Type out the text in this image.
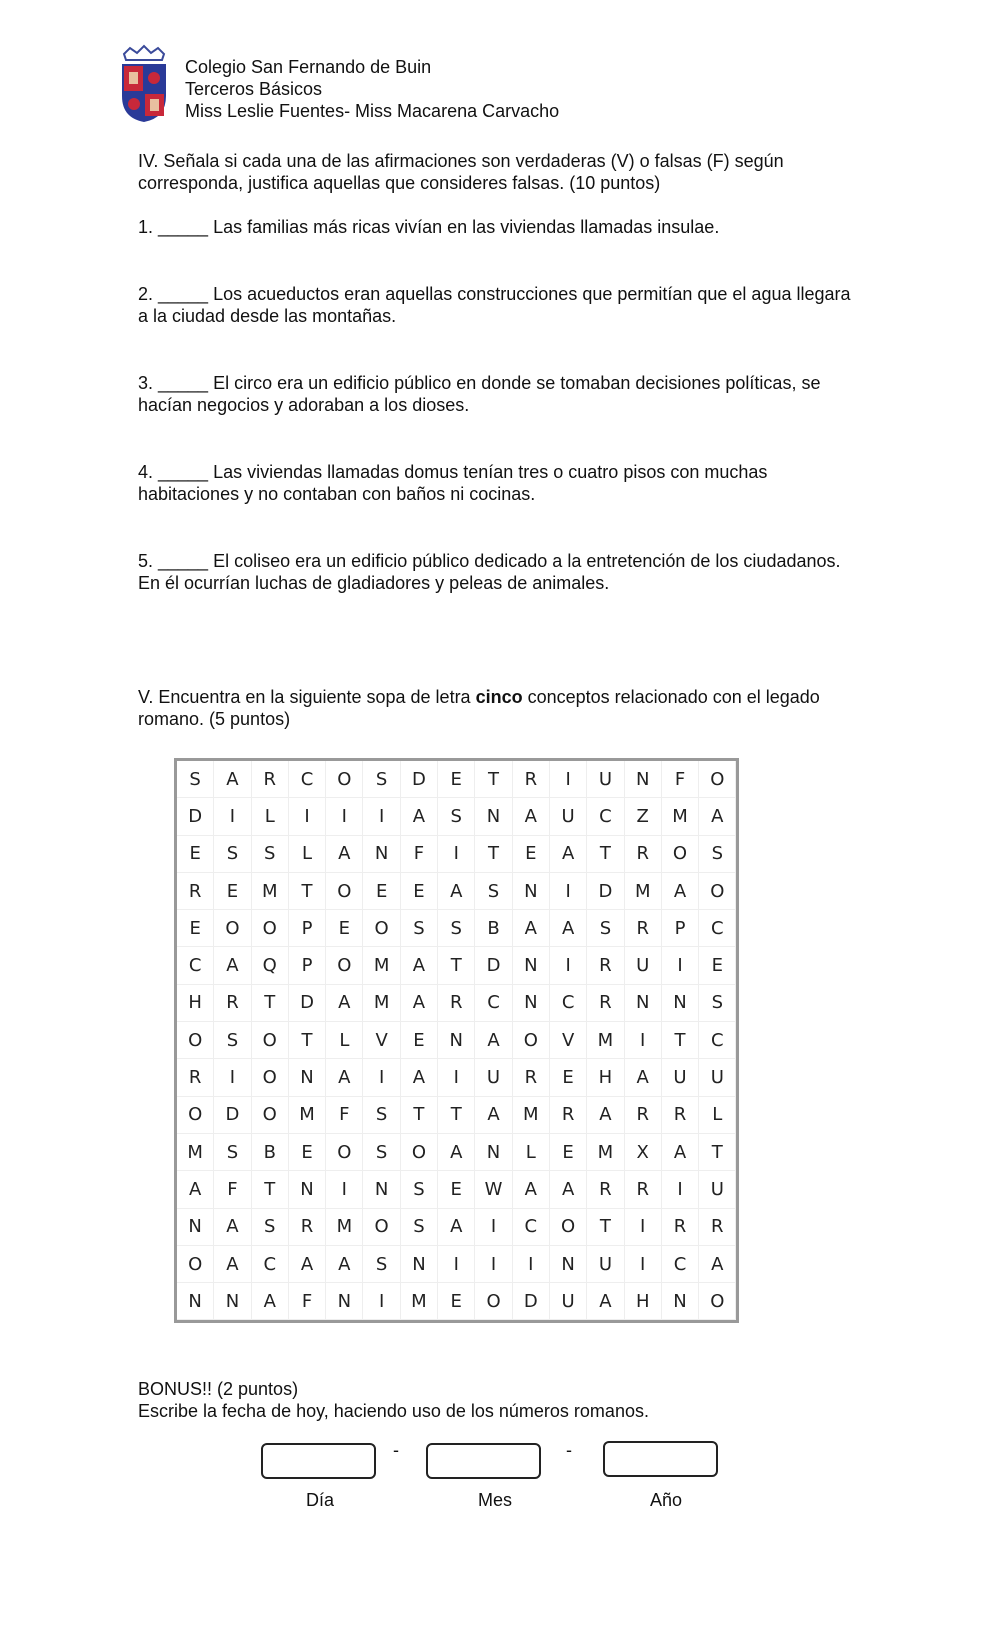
Colegio San Fernando de Buin
Terceros Básicos
Miss Leslie Fuentes- Miss Macarena Carvacho
IV. Señala si cada una de las afirmaciones son verdaderas (V) o falsas (F) según corresponda, justifica aquellas que consideres falsas. (10 puntos)
1. _____ Las familias más ricas vivían en las viviendas llamadas insulae.
2. _____ Los acueductos eran aquellas construcciones que permitían que el agua llegara a la ciudad desde las montañas.
3. _____ El circo era un edificio público en donde se tomaban decisiones políticas, se hacían negocios y adoraban a los dioses.
4. _____ Las viviendas llamadas domus tenían tres o cuatro pisos con muchas habitaciones y no contaban con baños ni cocinas.
5. _____ El coliseo era un edificio público dedicado a la entretención de los ciudadanos. En él ocurrían luchas de gladiadores y peleas de animales.
V. Encuentra en la siguiente sopa de letra cinco conceptos relacionado con el legado romano. (5 puntos)
S	A	R	C	O	S	D	E	T	R	I	U	N	F	O
D	I	L	I	I	I	A	S	N	A	U	C	Z	M	A
E	S	S	L	A	N	F	I	T	E	A	T	R	O	S
R	E	M	T	O	E	E	A	S	N	I	D	M	A	O
E	O	O	P	E	O	S	S	B	A	A	S	R	P	C
C	A	Q	P	O	M	A	T	D	N	I	R	U	I	E
H	R	T	D	A	M	A	R	C	N	C	R	N	N	S
O	S	O	T	L	V	E	N	A	O	V	M	I	T	C
R	I	O	N	A	I	A	I	U	R	E	H	A	U	U
O	D	O	M	F	S	T	T	A	M	R	A	R	R	L
M	S	B	E	O	S	O	A	N	L	E	M	X	A	T
A	F	T	N	I	N	S	E	W	A	A	R	R	I	U
N	A	S	R	M	O	S	A	I	C	O	T	I	R	R
O	A	C	A	A	S	N	I	I	I	N	U	I	C	A
N	N	A	F	N	I	M	E	O	D	U	A	H	N	O
BONUS!! (2 puntos)
Escribe la fecha de hoy, haciendo uso de los números romanos.
-	-
Día	Mes	Año
